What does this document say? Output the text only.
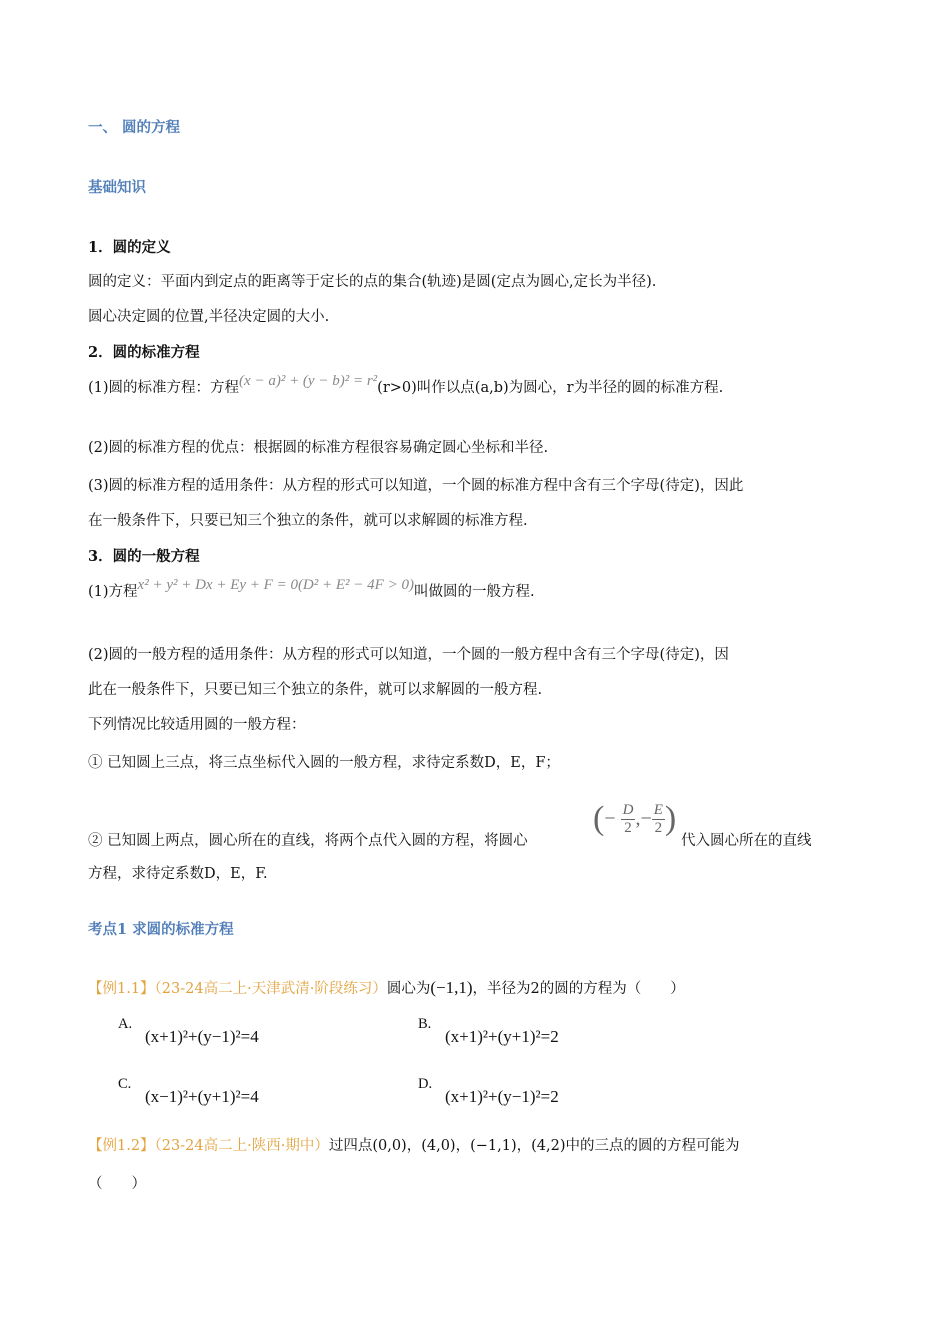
一、 圆的方程
基础知识
1．圆的定义
圆的定义：平面内到定点的距离等于定长的点的集合(轨迹)是圆(定点为圆心,定长为半径).
圆心决定圆的位置,半径决定圆的大小.
2．圆的标准方程
(1)圆的标准方程：方程(x − a)² + (y − b)² = r²(r>0)叫作以点(a,b)为圆心，r为半径的圆的标准方程.
(2)圆的标准方程的优点：根据圆的标准方程很容易确定圆心坐标和半径.
(3)圆的标准方程的适用条件：从方程的形式可以知道，一个圆的标准方程中含有三个字母(待定)，因此
在一般条件下，只要已知三个独立的条件，就可以求解圆的标准方程.
3．圆的一般方程
(1)方程x² + y² + Dx + Ey + F = 0(D² + E² − 4F > 0)叫做圆的一般方程.
(2)圆的一般方程的适用条件：从方程的形式可以知道，一个圆的一般方程中含有三个字母(待定)，因
此在一般条件下，只要已知三个独立的条件，就可以求解圆的一般方程.
下列情况比较适用圆的一般方程：
① 已知圆上三点，将三点坐标代入圆的一般方程，求待定系数D，E，F；
② 已知圆上两点，圆心所在的直线，将两个点代入圆的方程，将圆心
(− $\frac{D}{2}$ ,− $\frac{E}{2}$ )
代入圆心所在的直线
方程，求待定系数D，E，F.
考点1 求圆的标准方程
【例1.1】（23-24高二上·天津武清·阶段练习）圆心为(−1,1)，半径为2的圆的方程为（　　）
A.
(x+1)²+(y−1)²=4
B.
(x+1)²+(y+1)²=2
C.
(x−1)²+(y+1)²=4
D.
(x+1)²+(y−1)²=2
【例1.2】（23-24高二上·陕西·期中）过四点(0,0)，(4,0)，(−1,1)，(4,2)中的三点的圆的方程可能为
（　　）
